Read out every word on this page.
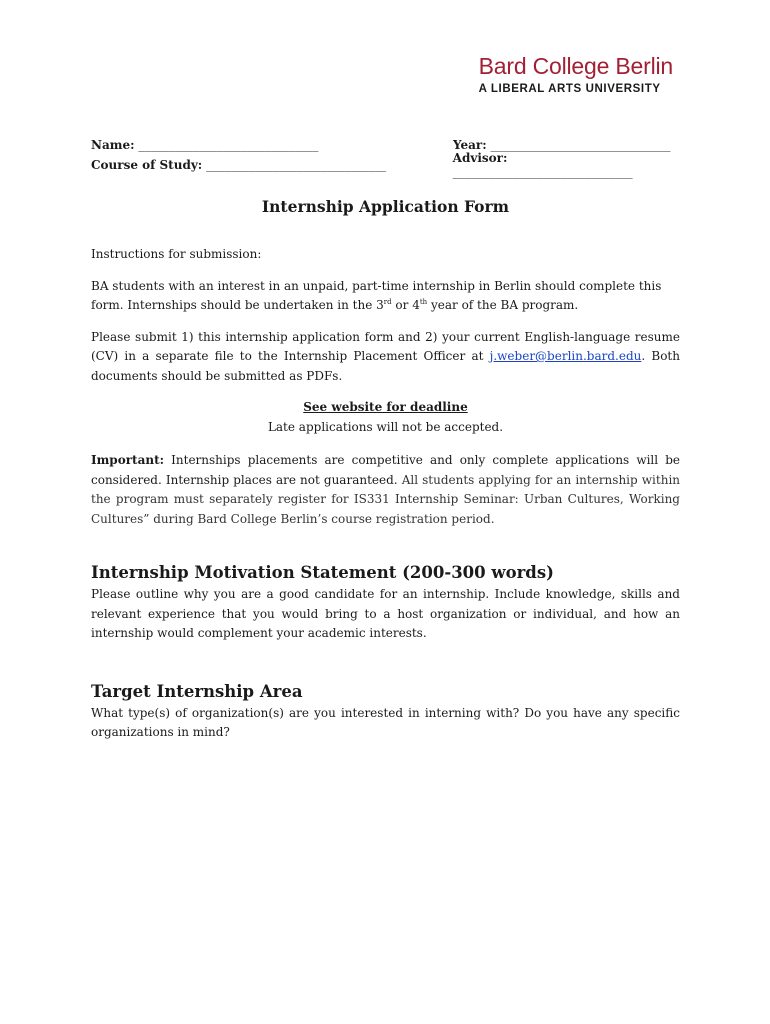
Bard College Berlin
A LIBERAL ARTS UNIVERSITY
Name: ______________________________	Year: ______________________________
Course of Study: ______________________________	Advisor: ______________________________
Internship Application Form

Instructions for submission:

BA students with an interest in an unpaid, part-time internship in Berlin should complete this form. Internships should be undertaken in the 3rd or 4th year of the BA program.

Please submit 1) this internship application form and 2) your current English-language resume (CV) in a separate file to the Internship Placement Officer at j.weber@berlin.bard.edu. Both documents should be submitted as PDFs.

See website for deadline
Late applications will not be accepted.

Important: Internships placements are competitive and only complete applications will be considered. Internship places are not guaranteed. All students applying for an internship within the program must separately register for IS331 Internship Seminar: Urban Cultures, Working Cultures” during Bard College Berlin’s course registration period.

Internship Motivation Statement (200-300 words)

Please outline why you are a good candidate for an internship. Include knowledge, skills and relevant experience that you would bring to a host organization or individual, and how an internship would complement your academic interests.

Target Internship Area

What type(s) of organization(s) are you interested in interning with? Do you have any specific organizations in mind?
